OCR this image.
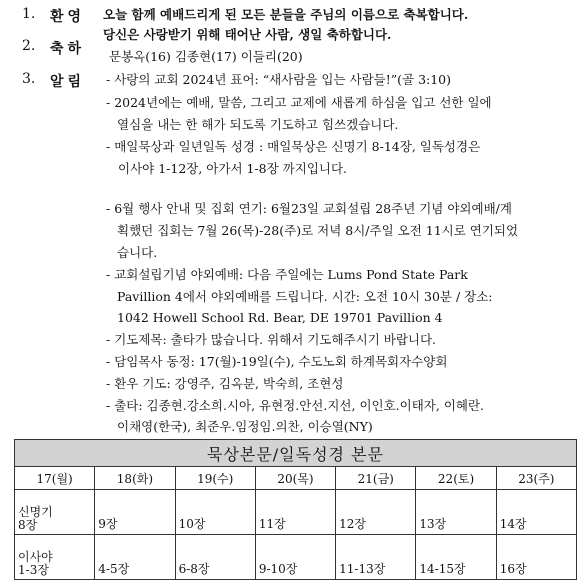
1. 환영
2. 축하
3. 알림
오늘 함께 예배드리게 된 모든 분들을 주님의 이름으로 축복합니다.
당신은 사랑받기 위해 태어난 사람, 생일 축하합니다.
문봉옥(16) 김종현(17) 이들리(20)
- 사랑의 교회 2024년 표어: “새사람을 입는 사람들!”(골 3:10)
- 2024년에는 예배, 말씀, 그리고 교제에 새롭게 하심을 입고 선한 일에
열심을 내는 한 해가 되도록 기도하고 힘쓰겠습니다.
- 매일묵상과 일년일독 성경 : 매일묵상은 신명기 8-14장, 일독성경은
이사야 1-12장, 아가서 1-8장 까지입니다.
- 6월 행사 안내 및 집회 연기: 6월23일 교회설립 28주년 기념 야외예배/계
획했던 집회는 7월 26(목)-28(주)로 저녁 8시/주일 오전 11시로 연기되었
습니다.
- 교회설립기념 야외예배: 다음 주일에는 Lums Pond State Park
Pavillion 4에서 야외예배를 드립니다. 시간: 오전 10시 30분 / 장소:
1042 Howell School Rd. Bear, DE 19701 Pavillion 4
- 기도제목: 출타가 많습니다. 위해서 기도해주시기 바랍니다.
- 담임목사 동정: 17(월)-19일(수), 수도노회 하계목회자수양회
- 환우 기도: 강영주, 김옥분, 박숙희, 조현성
- 출타: 김종현.강소희.시아, 유현정.안선.지선, 이인호.이태자, 이혜란.
이채영(한국), 최준우.임정임.의찬, 이승열(NY)
묵상본문/일독성경 본문						
17(월)	18(화)	19(수)	20(목)	21(금)	22(토)	23(주)

신명기
8장	9장	10장	11장	12장	13장	14장

이사야
1-3장	4-5장	6-8장	9-10장	11-13장	14-15장	16장
